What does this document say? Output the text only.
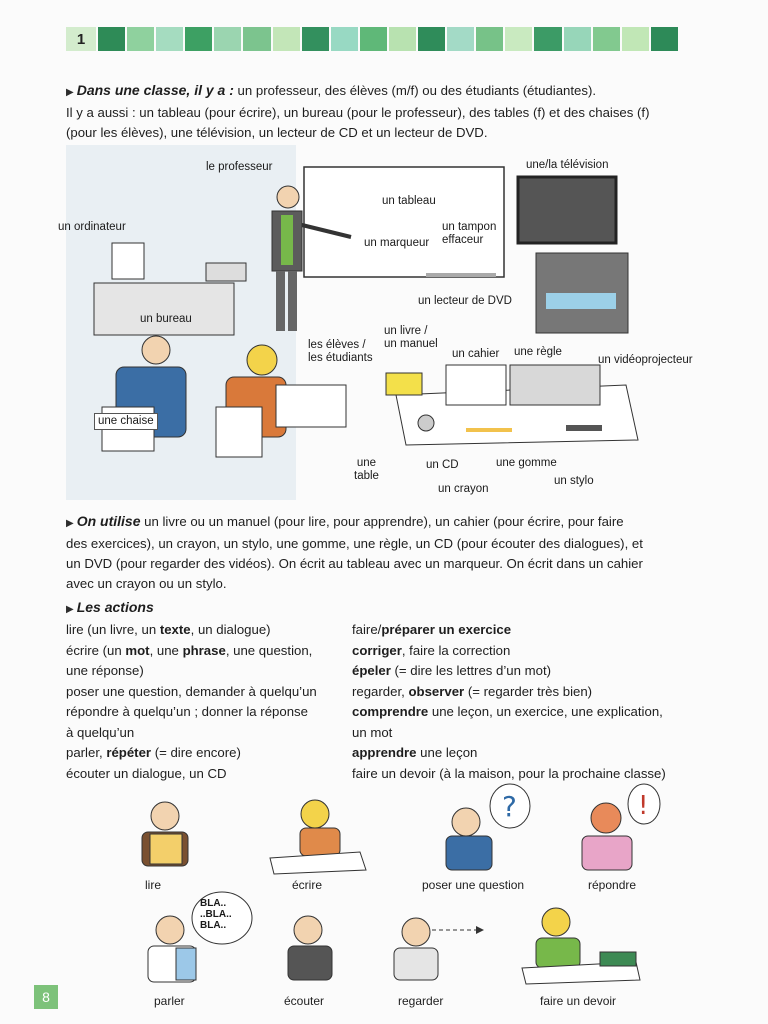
1
▶ Dans une classe, il y a : un professeur, des élèves (m/f) ou des étudiants (étudiantes).
Il y a aussi : un tableau (pour écrire), un bureau (pour le professeur), des tables (f) et des chaises (f)
(pour les élèves), une télévision, un lecteur de CD et un lecteur de DVD.
le professeur	une/la télévision
un tableau
un ordinateur	un tampon
effaceur
un marqueur
un lecteur de DVD
un bureau
un livre /
un manuel
les élèves /
les étudiants	un cahier une règle
un vidéoprojecteur
une chaise
une
table
un CD	une gomme
un stylo
un crayon
▶ On utilise un livre ou un manuel (pour lire, pour apprendre), un cahier (pour écrire, pour faire
des exercices), un crayon, un stylo, une gomme, une règle, un CD (pour écouter des dialogues), et
un DVD (pour regarder des vidéos). On écrit au tableau avec un marqueur. On écrit dans un cahier
avec un crayon ou un stylo.
▶ Les actions
lire (un livre, un texte, un dialogue)
écrire (un mot, une phrase, une question,
une réponse)
poser une question, demander à quelqu’un
répondre à quelqu’un ; donner la réponse
à quelqu’un
parler, répéter (= dire encore)
écouter un dialogue, un CD
faire/préparer un exercice
corriger, faire la correction
épeler (= dire les lettres d’un mot)
regarder, observer (= regarder très bien)
comprendre une leçon, un exercice, une explication,
un mot
apprendre une leçon
faire un devoir (à la maison, pour la prochaine classe)
lire	écrire
?
poser une question
!
répondre
BLA..
..BLA..
BLA..
parler	écouter	regarder	faire un devoir
8
